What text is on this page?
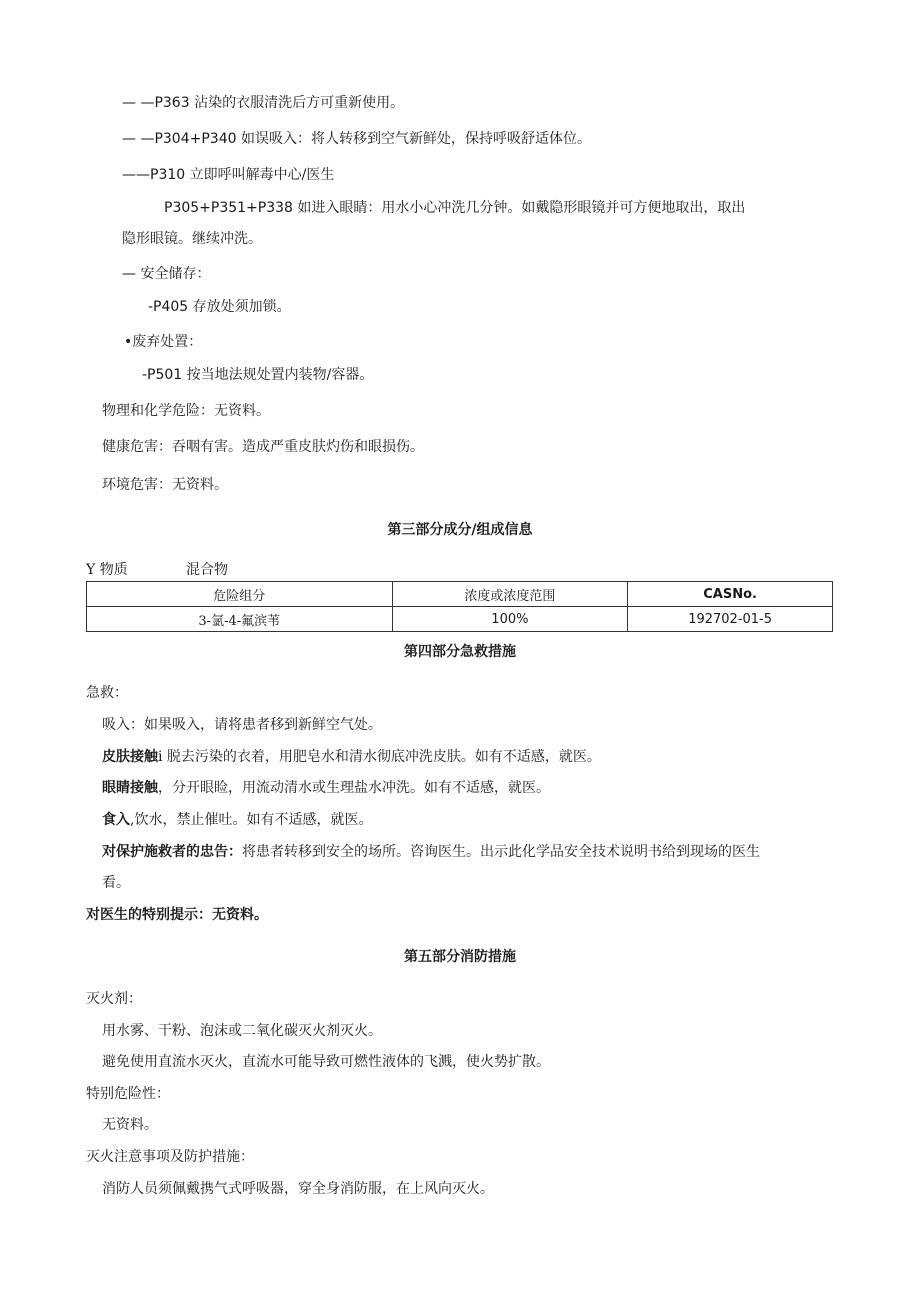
— —P363 沾染的衣服清洗后方可重新使用。
— —P304+P340 如误吸入：将人转移到空气新鲜处，保持呼吸舒适体位。
——P310 立即呼叫解毒中心/医生
P305+P351+P338 如进入眼睛：用水小心冲洗几分钟。如戴隐形眼镜并可方便地取出，取出
隐形眼镜。继续冲洗。
— 安全储存：
-P405 存放处须加锁。
•废弃处置：
-P501 按当地法规处置内装物/容器。
物理和化学危险：无资料。
健康危害：吞咽有害。造成严重皮肤灼伤和眼损伤。
环境危害：无资料。
第三部分成分/组成信息
Y 物质	混合物
危险组分	浓度或浓度范围	CASNo.
3-氯-4-氟滨苇	100%	192702-01-5
第四部分急救措施
急救：
吸入：如果吸入，请将患者移到新鲜空气处。
皮肤接触i 脱去污染的衣着，用肥皂水和清水彻底冲洗皮肤。如有不适感，就医。
眼睛接触，分开眼睑，用流动清水或生理盐水冲洗。如有不适感，就医。
食入,饮水，禁止催吐。如有不适感，就医。
对保护施救者的忠告：将患者转移到安全的场所。咨询医生。出示此化学品安全技术说明书给到现场的医生
看。
对医生的特别提示：无资料。
第五部分消防措施
灭火剂：
用水雾、干粉、泡沫或二氧化碳灭火剂灭火。
避免使用直流水灭火，直流水可能导致可燃性液体的飞溅，使火势扩散。
特别危险性：
无资料。
灭火注意事项及防护措施：
消防人员须佩戴携气式呼吸器，穿全身消防服，在上风向灭火。
